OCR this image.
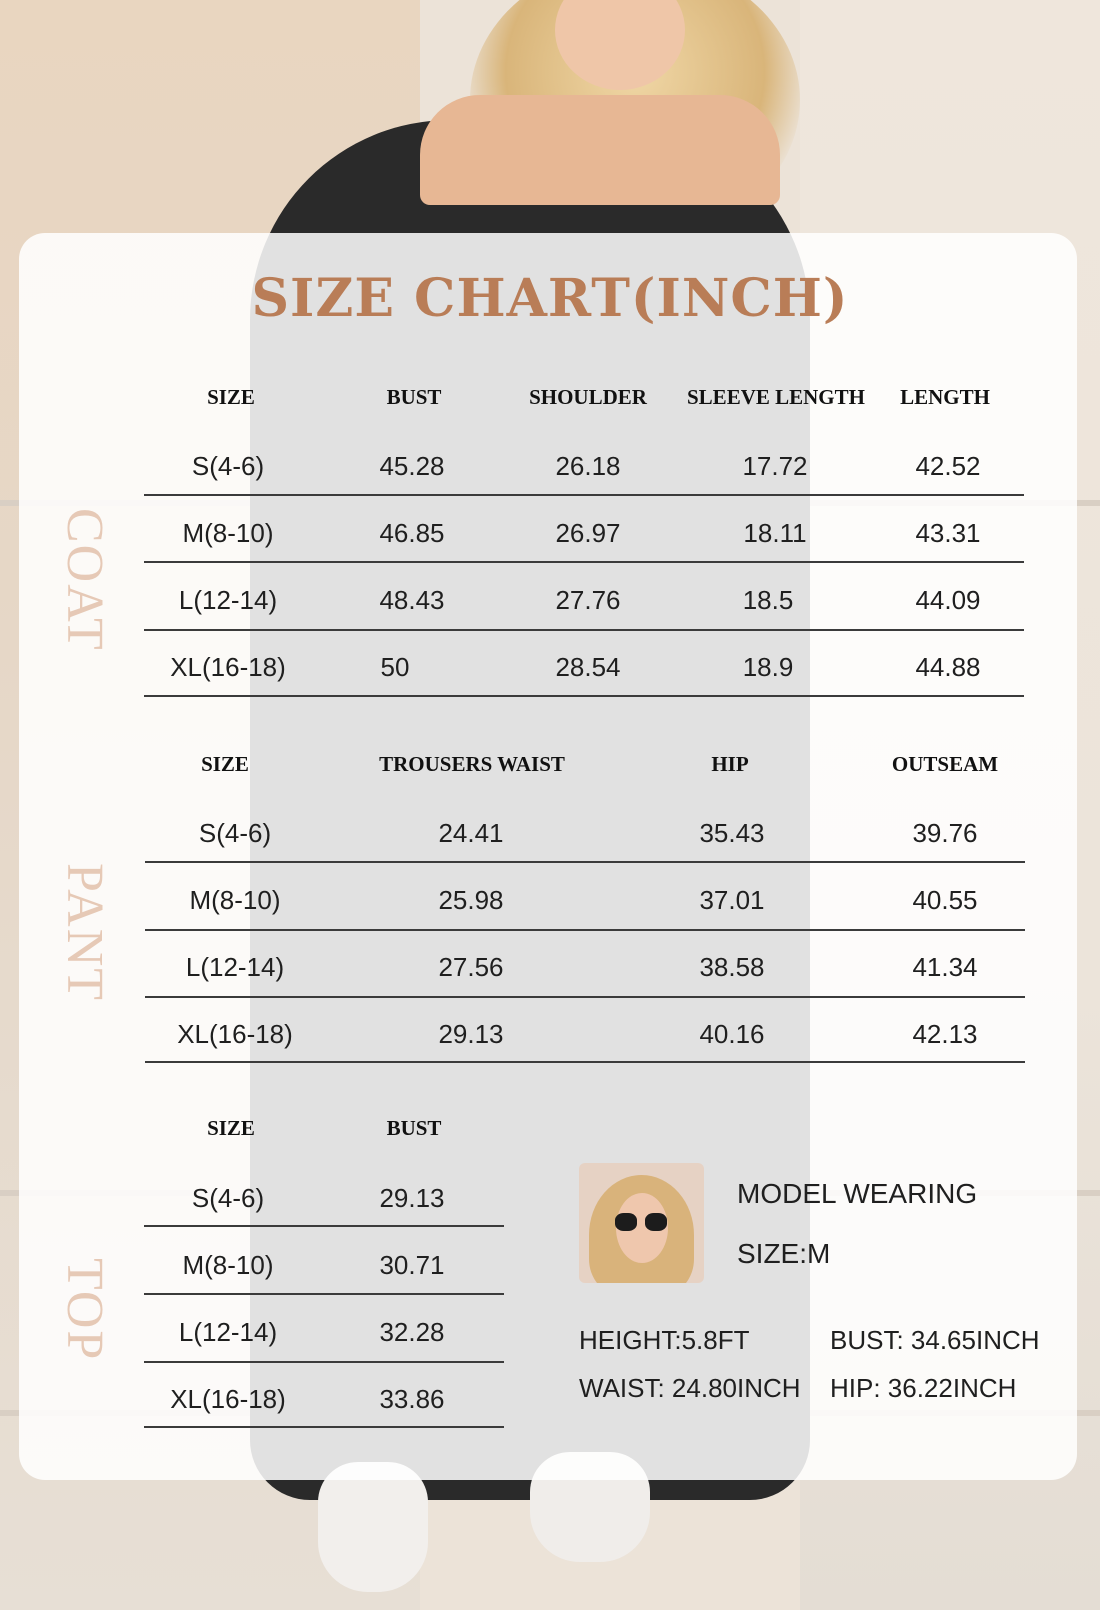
SIZE CHART(INCH)
COAT
PANT
TOP
SIZE	BUST	SHOULDER	SLEEVE LENGTH	LENGTH
S(4-6)	45.28	26.18	17.72	42.52
M(8-10)	46.85	26.97	18.11	43.31
L(12-14)	48.43	27.76	18.5	44.09
XL(16-18)	50	28.54	18.9	44.88
SIZE	TROUSERS WAIST	HIP	OUTSEAM
S(4-6)	24.41	35.43	39.76
M(8-10)	25.98	37.01	40.55
L(12-14)	27.56	38.58	41.34
XL(16-18)	29.13	40.16	42.13
SIZE	BUST
S(4-6)	29.13
M(8-10)	30.71
L(12-14)	32.28
XL(16-18)	33.86
MODEL WEARING
SIZE:M
HEIGHT:5.8FT	BUST: 34.65INCH
WAIST: 24.80INCH HIP: 36.22INCH
